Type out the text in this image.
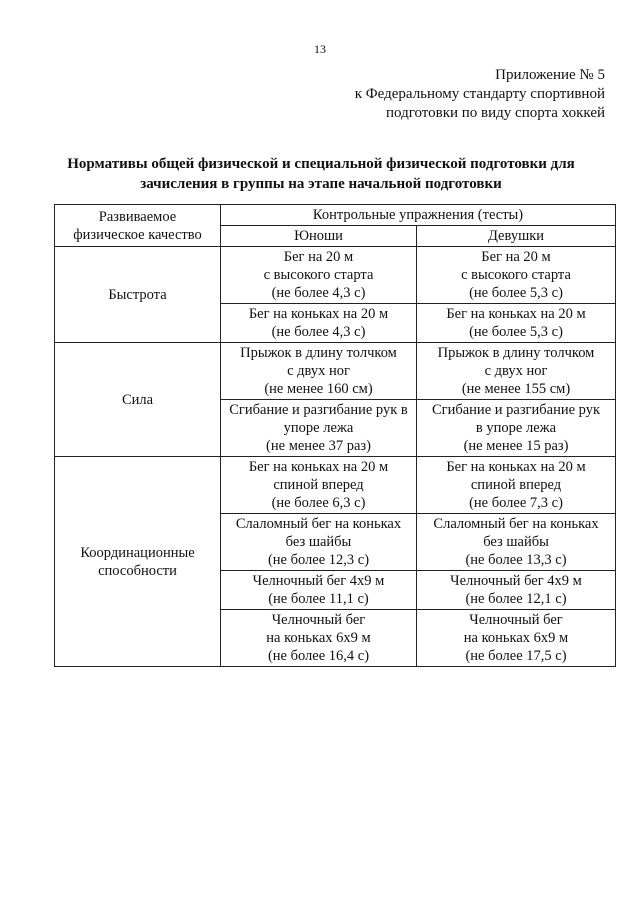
13
Приложение № 5
к Федеральному стандарту спортивной
подготовки по виду спорта хоккей
Нормативы общей физической и специальной физической подготовки для
зачисления в группы на этапе начальной подготовки
Развиваемое
физическое качество	Контрольные упражнения (тесты)	
	Юноши	Девушки
Быстрота	Бег на 20 м
с высокого старта
(не более 4,3 с)	Бег на 20 м
с высокого старта
(не более 5,3 с)
	Бег на коньках на 20 м
(не более 4,3 с)	Бег на коньках на 20 м
(не более 5,3 с)
Сила	Прыжок в длину толчком
с двух ног
(не менее 160 см)	Прыжок в длину толчком
с двух ног
(не менее 155 см)
	Сгибание и разгибание рук в
упоре лежа
(не менее 37 раз)	Сгибание и разгибание рук
в упоре лежа
(не менее 15 раз)
Координационные
способности	Бег на коньках на 20 м
спиной вперед
(не более 6,3 с)	Бег на коньках на 20 м
спиной вперед
(не более 7,3 с)
	Слаломный бег на коньках
без шайбы
(не более 12,3 с)	Слаломный бег на коньках
без шайбы
(не более 13,3 с)
	Челночный бег 4х9 м
(не более 11,1 с)	Челночный бег 4х9 м
(не более 12,1 с)
	Челночный бег
на коньках 6х9 м
(не более 16,4 с)	Челночный бег
на коньках 6х9 м
(не более 17,5 с)
